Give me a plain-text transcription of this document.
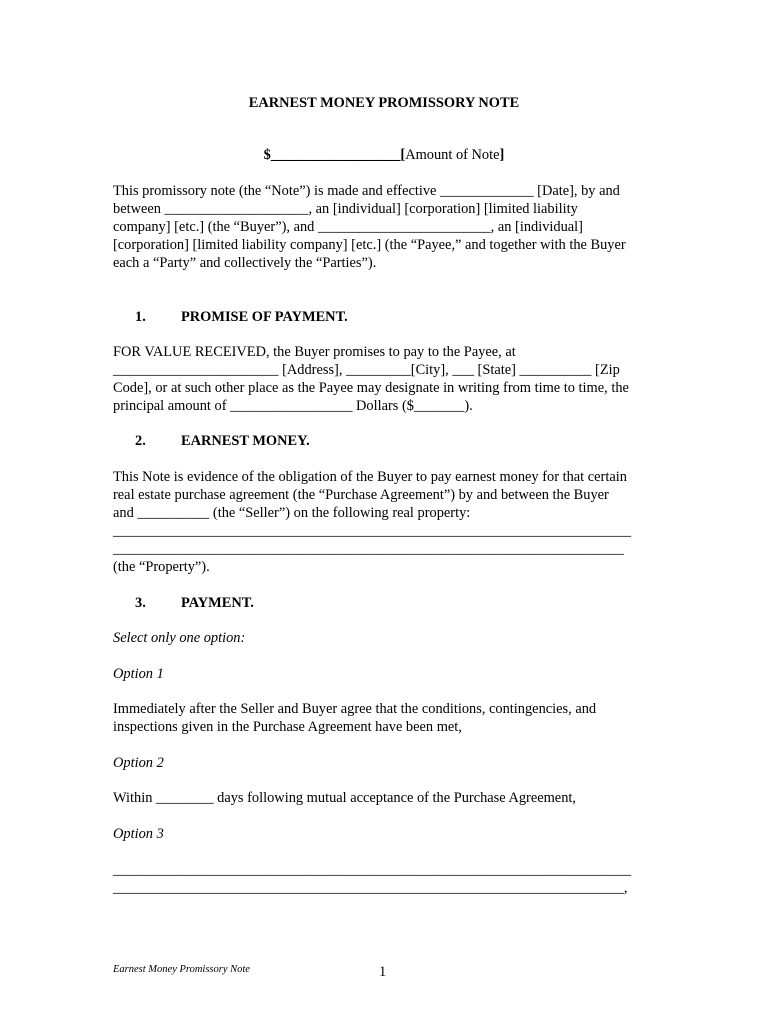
EARNEST MONEY PROMISSORY NOTE
$__________________[Amount of Note]
This promissory note (the “Note”) is made and effective _____________ [Date], by and
between ____________________, an [individual] [corporation] [limited liability
company] [etc.] (the “Buyer”), and ________________________, an [individual]
[corporation] [limited liability company] [etc.] (the “Payee,” and together with the Buyer
each a “Party” and collectively the “Parties”).
1. PROMISE OF PAYMENT.
FOR VALUE RECEIVED, the Buyer promises to pay to the Payee, at
_______________________ [Address], _________[City], ___ [State] __________ [Zip
Code], or at such other place as the Payee may designate in writing from time to time, the
principal amount of _________________ Dollars ($_______).
2. EARNEST MONEY.
This Note is evidence of the obligation of the Buyer to pay earnest money for that certain
real estate purchase agreement (the “Purchase Agreement”) by and between the Buyer
and __________ (the “Seller”) on the following real property:
________________________________________________________________________
_______________________________________________________________________
(the “Property”).
3. PAYMENT.
Select only one option:
Option 1
Immediately after the Seller and Buyer agree that the conditions, contingencies, and
inspections given in the Purchase Agreement have been met,
Option 2
Within ________ days following mutual acceptance of the Purchase Agreement,
Option 3
________________________________________________________________________
_______________________________________________________________________,
Earnest Money Promissory Note	1
